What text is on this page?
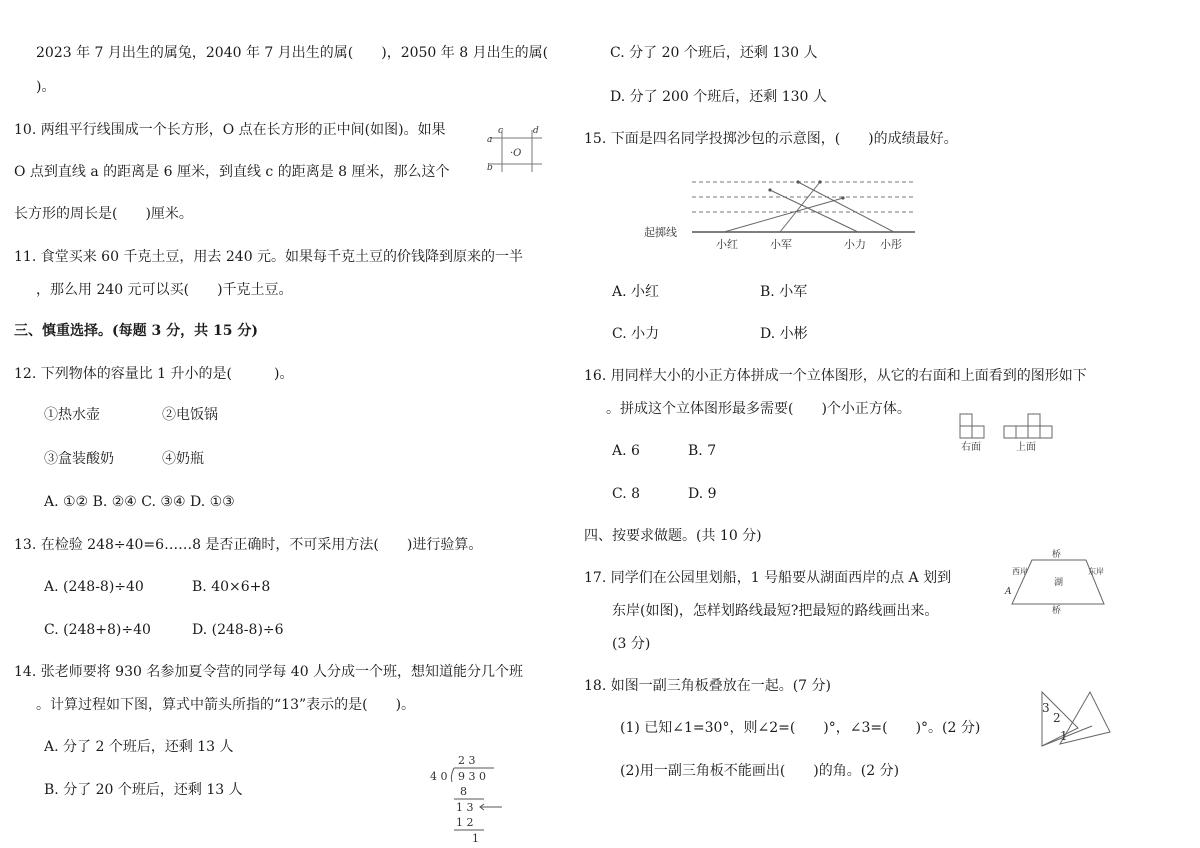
2023 年 7 月出生的属兔，2040 年 7 月出生的属(　　)，2050 年 8 月出生的属(
)。
10. 两组平行线围成一个长方形，O 点在长方形的正中间(如图)。如果
O 点到直线 a 的距离是 6 厘米，到直线 c 的距离是 8 厘米，那么这个
长方形的周长是(　　)厘米。
a
b
c	d
·O
11. 食堂买来 60 千克土豆，用去 240 元。如果每千克土豆的价钱降到原来的一半
，那么用 240 元可以买(　　)千克土豆。
三、慎重选择。(每题 3 分，共 15 分)
12. 下列物体的容量比 1 升小的是(　　　)。
①热水壶	②电饭锅
③盒装酸奶	④奶瓶
A. ①② B. ②④ C. ③④ D. ①③
13. 在检验 248÷40=6……8 是否正确时，不可采用方法(　　)进行验算。
A. (248-8)÷40	B. 40×6+8
C. (248+8)÷40	D. (248-8)÷6
14. 张老师要将 930 名参加夏令营的同学每 40 人分成一个班，想知道能分几个班
。计算过程如下图，算式中箭头所指的“13”表示的是(　　)。
A. 分了 2 个班后，还剩 13 人
B. 分了 20 个班后，还剩 13 人
2 3
4 0 9 3 0
8
1 3
1 2
1
C. 分了 20 个班后，还剩 130 人
D. 分了 200 个班后，还剩 130 人
15. 下面是四名同学投掷沙包的示意图，(　　)的成绩最好。
起掷线
小红	小军	小力 小彤
A. 小红	B. 小军
C. 小力	D. 小彬
16. 用同样大小的小正方体拼成一个立体图形，从它的右面和上面看到的图形如下
。拼成这个立体图形最多需要(　　)个小正方体。
右面	上面
A. 6	B. 7
C. 8	D. 9
四、按要求做题。(共 10 分)
17. 同学们在公园里划船，1 号船要从湖面西岸的点 A 划到
东岸(如图)，怎样划路线最短?把最短的路线画出来。
(3 分)
桥
桥
湖
西岸	东岸
A
18. 如图一副三角板叠放在一起。(7 分)
(1) 已知∠1=30°，则∠2=(　　)°，∠3=(　　)°。(2 分)
(2)用一副三角板不能画出(　　)的角。(2 分)
3
2
1
